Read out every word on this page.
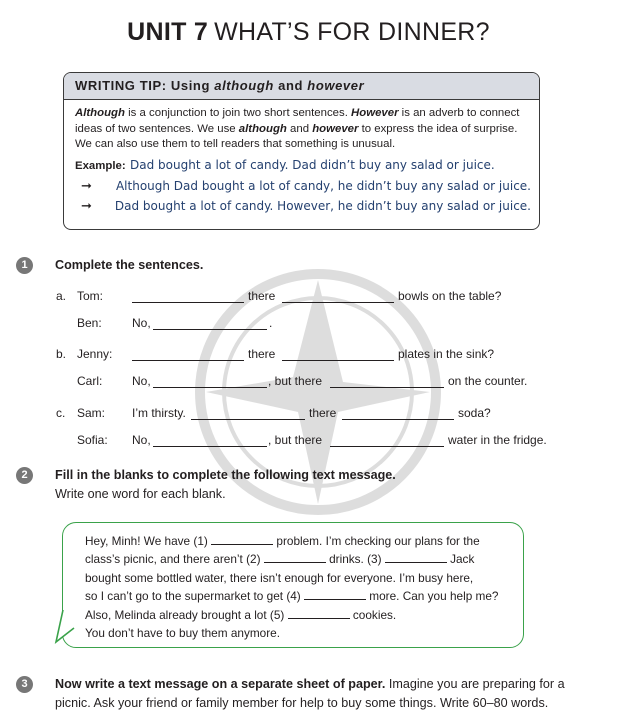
UNIT 7 WHAT’S FOR DINNER?
WRITING TIP: Using although and however

Although is a conjunction to join two short sentences. However is an adverb to connect ideas of two sentences. We use although and however to express the idea of surprise. We can also use them to tell readers that something is unusual.

Example: Dad bought a lot of candy. Dad didn’t buy any salad or juice.
➞	Although Dad bought a lot of candy, he didn’t buy any salad or juice.
➞	Dad bought a lot of candy. However, he didn’t buy any salad or juice.
1	Complete the sentences.
a. Tom:	there	bowls on the table?
Ben:	No,	.
b. Jenny:	there	plates in the sink?
Carl: No,	, but there	on the counter.
c. Sam: I’m thirsty.	there	soda?
Sofia: No,	, but there	water in the fridge.
2	Fill in the blanks to complete the following text message.
Write one word for each blank.
Hey, Minh! We have (1)	problem. I’m checking our plans for the
class’s picnic, and there aren’t (2)	drinks. (3)	Jack
bought some bottled water, there isn’t enough for everyone. I’m busy here,
so I can’t go to the supermarket to get (4)	more. Can you help me?
Also, Melinda already brought a lot (5)	cookies.
You don’t have to buy them anymore.
3	Now write a text message on a separate sheet of paper. Imagine you are preparing for a picnic. Ask your friend or family member for help to buy some things. Write 60–80 words.
